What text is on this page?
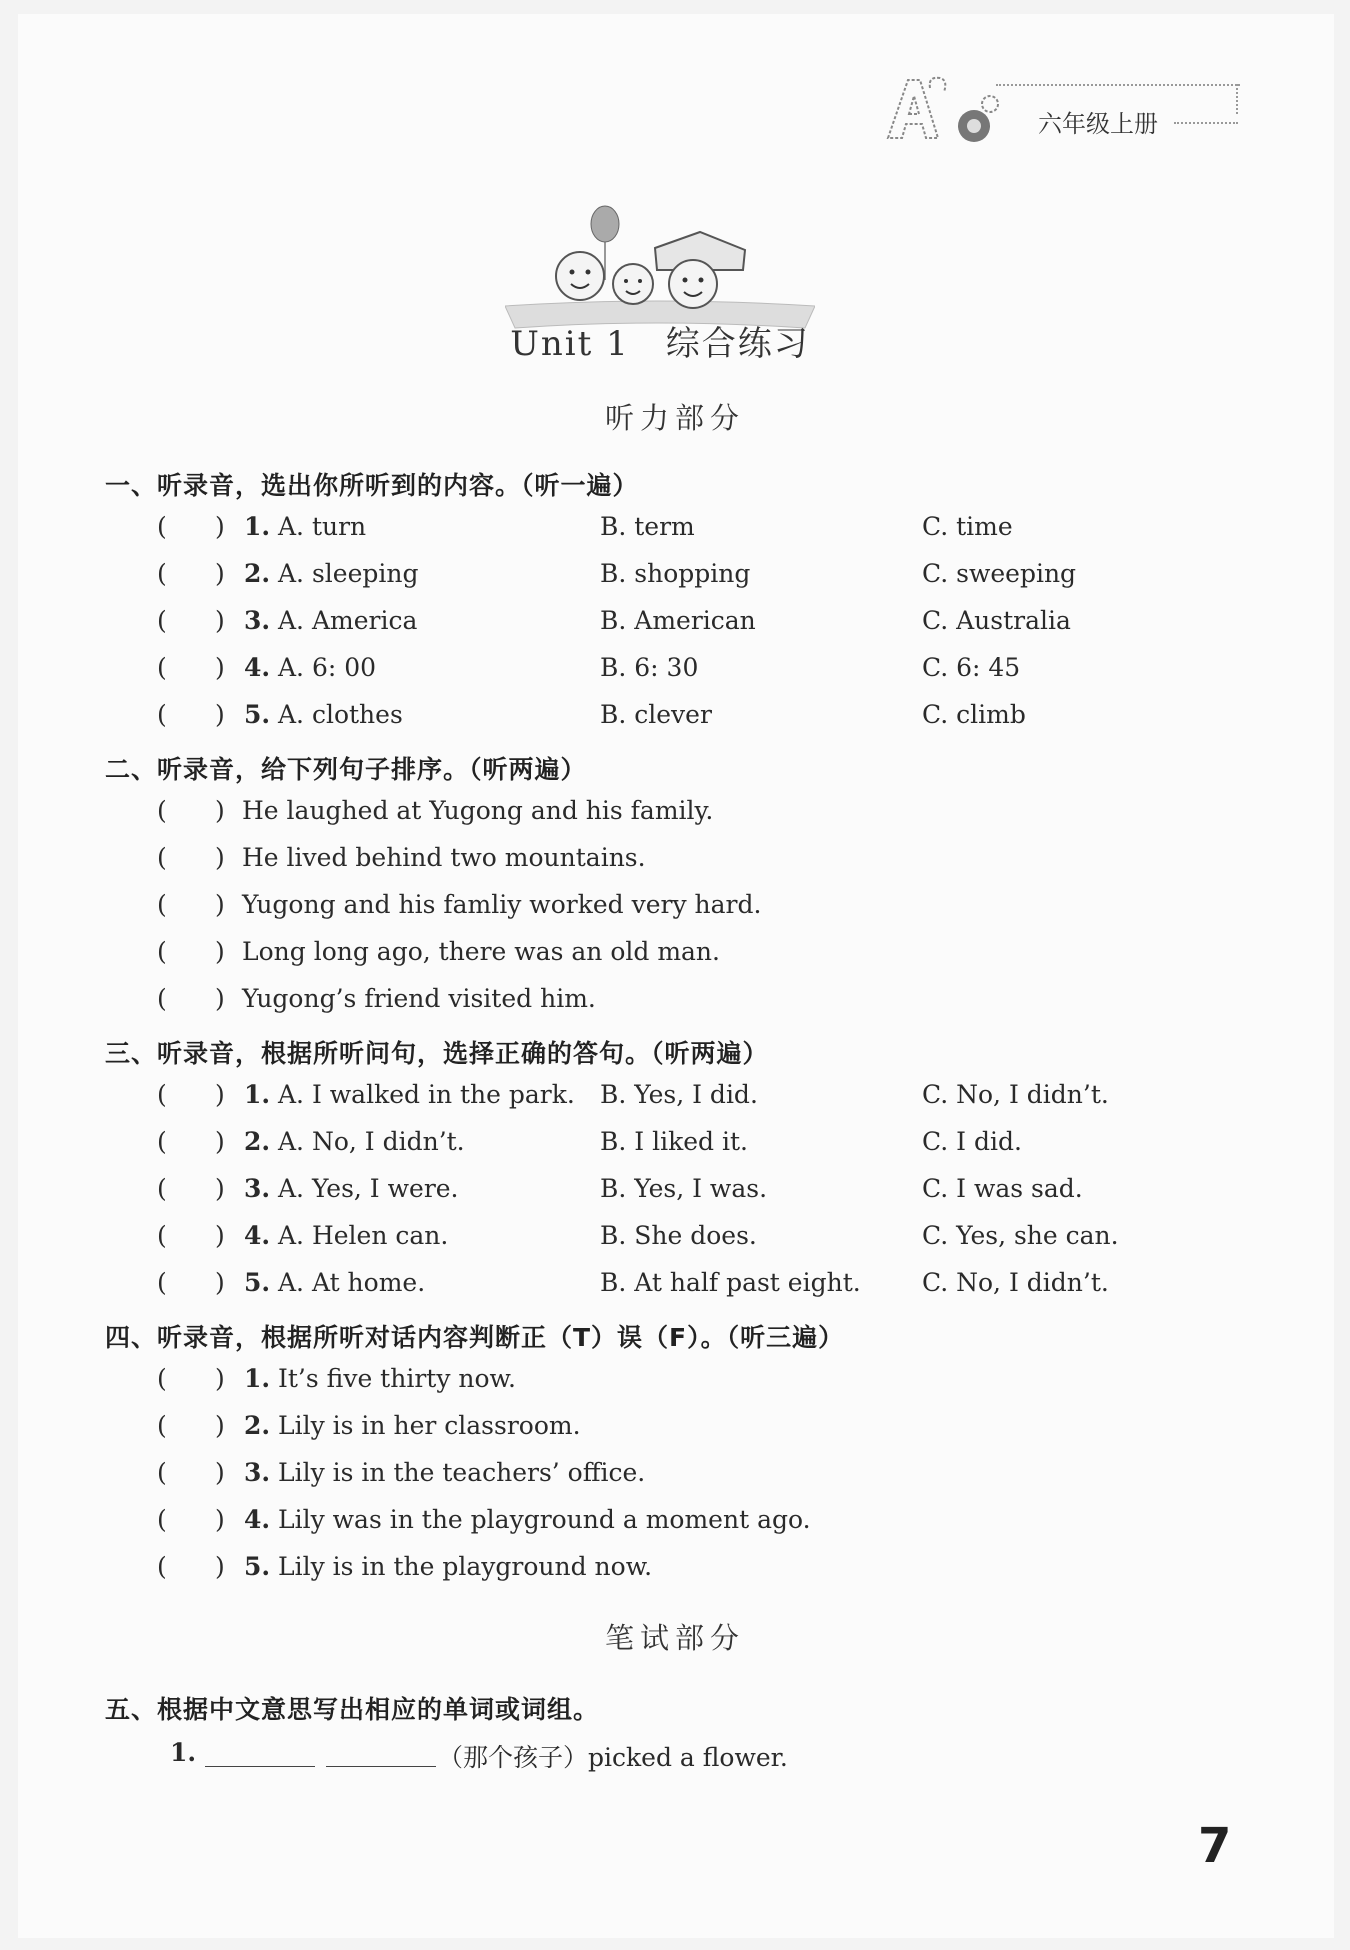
六年级上册
Unit 1　综合练习
听力部分
一、听录音，选出你所听到的内容。（听一遍）
( ) 1. A. turn	B. term	C. time
( ) 2. A. sleeping	B. shopping	C. sweeping
( ) 3. A. America	B. American	C. Australia
( ) 4. A. 6: 00	B. 6: 30	C. 6: 45
( ) 5. A. clothes	B. clever	C. climb
二、听录音，给下列句子排序。（听两遍）
( ) He laughed at Yugong and his family.
( ) He lived behind two mountains.
( ) Yugong and his famliy worked very hard.
( ) Long long ago, there was an old man.
( ) Yugong’s friend visited him.
三、听录音，根据所听问句，选择正确的答句。（听两遍）
( ) 1. A. I walked in the park. B. Yes, I did.	C. No, I didn’t.
( ) 2. A. No, I didn’t.	B. I liked it.	C. I did.
( ) 3. A. Yes, I were.	B. Yes, I was.	C. I was sad.
( ) 4. A. Helen can.	B. She does.	C. Yes, she can.
( ) 5. A. At home.	B. At half past eight. C. No, I didn’t.
四、听录音，根据所听对话内容判断正（T）误（F）。（听三遍）
( ) 1. It’s five thirty now.
( ) 2. Lily is in her classroom.
( ) 3. Lily is in the teachers’ office.
( ) 4. Lily was in the playground a moment ago.
( ) 5. Lily is in the playground now.
笔试部分
五、根据中文意思写出相应的单词或词组。
1.	（那个孩子）picked a flower.
7
